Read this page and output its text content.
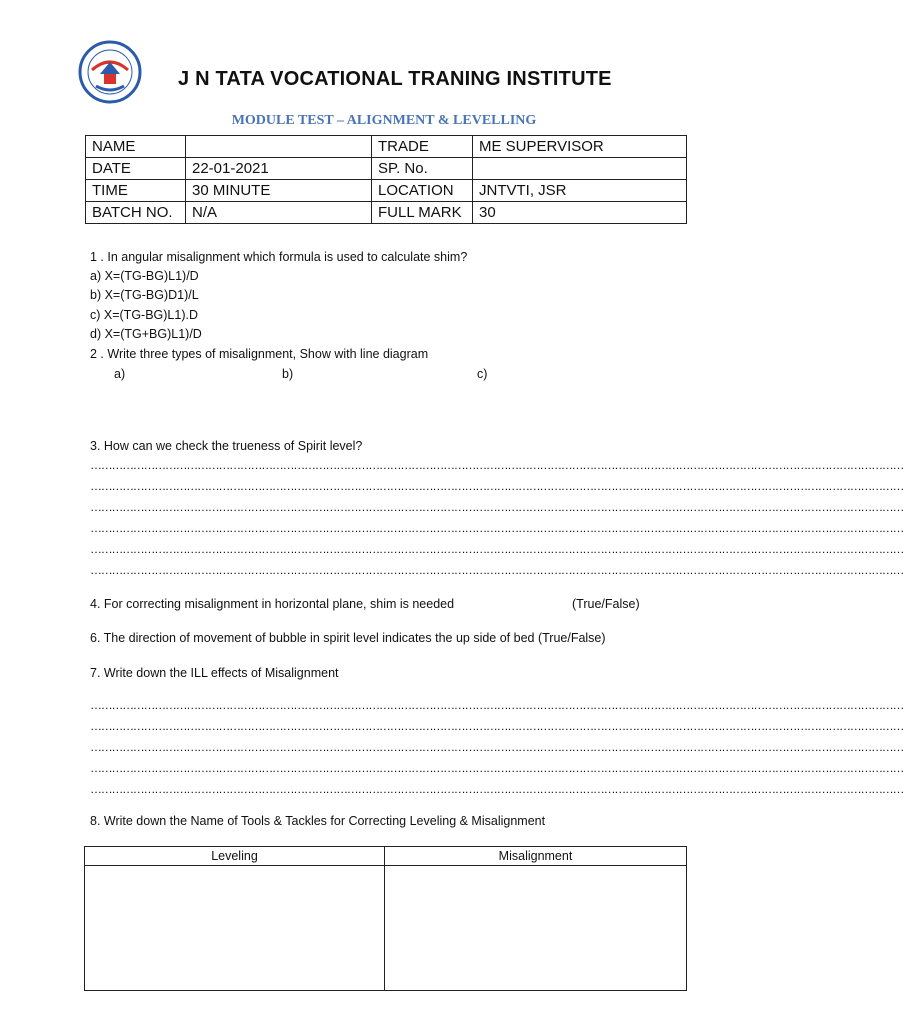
J N TATA VOCATIONAL TRANING INSTITUTE
MODULE TEST – ALIGNMENT & LEVELLING
NAME		TRADE	ME SUPERVISOR
DATE	22-01-2021	SP. No.	
TIME	30 MINUTE	LOCATION	JNTVTI, JSR
BATCH NO.	N/A	FULL MARK	30
1 . In angular misalignment which formula is used to calculate shim?
a) X=(TG-BG)L1)/D
b) X=(TG-BG)D1)/L
c) X=(TG-BG)L1).D
d) X=(TG+BG)L1)/D
2 . Write three types of misalignment, Show with line diagram
a)	b)	c)
3. How can we check the trueness of Spirit level?
…………………………………………………………………………………………………………………………………………………………………………………………………………
…………………………………………………………………………………………………………………………………………………………………………………………………………
…………………………………………………………………………………………………………………………………………………………………………………………………………
…………………………………………………………………………………………………………………………………………………………………………………………………………
…………………………………………………………………………………………………………………………………………………………………………………………………………
…………………………………………………………………………………………………………………………………………………………………………………………………………
4. For correcting misalignment in horizontal plane, shim is needed	(True/False)
6. The direction of movement of bubble in spirit level indicates the up side of bed (True/False)
7. Write down the ILL effects of Misalignment
…………………………………………………………………………………………………………………………………………………………………………………………………………
…………………………………………………………………………………………………………………………………………………………………………………………………………
…………………………………………………………………………………………………………………………………………………………………………………………………………
…………………………………………………………………………………………………………………………………………………………………………………………………………
…………………………………………………………………………………………………………………………………………………………………………………………………………
8. Write down the Name of Tools & Tackles for Correcting Leveling & Misalignment
Leveling	Misalignment
